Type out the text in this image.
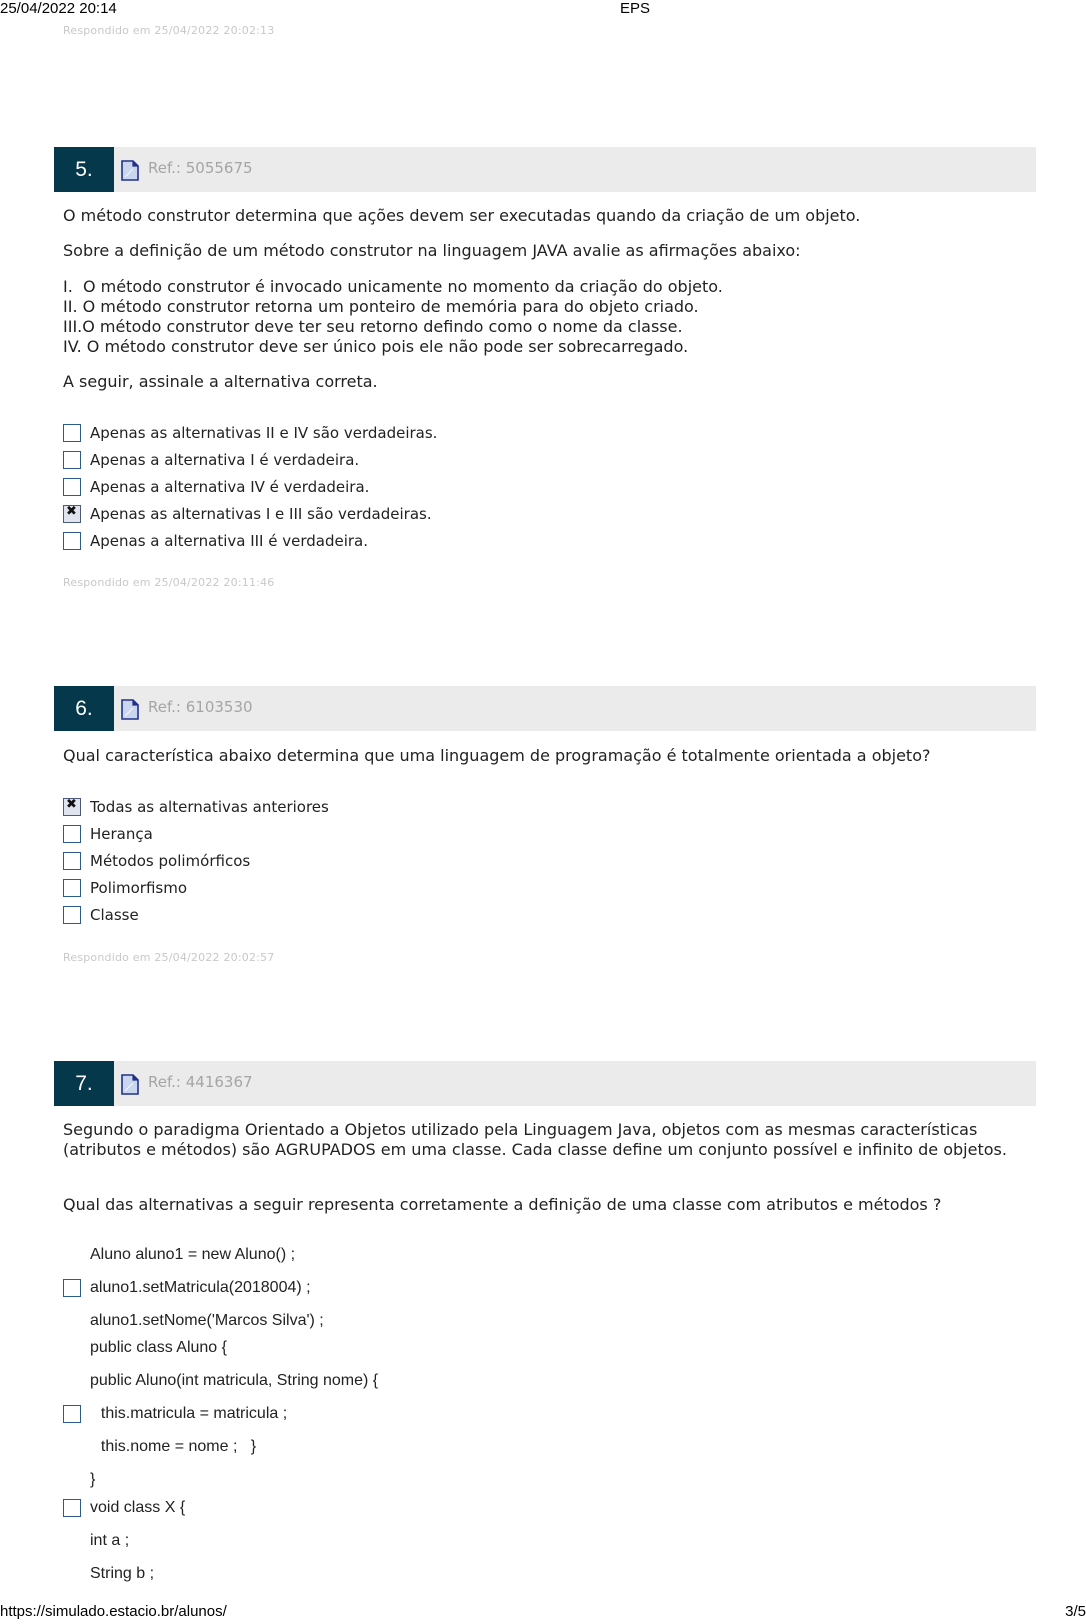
25/04/2022 20:14	EPS
Respondido em 25/04/2022 20:02:13
5.	Ref.: 5055675
O método construtor determina que ações devem ser executadas quando da criação de um objeto.
Sobre a definição de um método construtor na linguagem JAVA avalie as afirmações abaixo:
I.  O método construtor é invocado unicamente no momento da criação do objeto.
II. O método construtor retorna um ponteiro de memória para do objeto criado.
III.O método construtor deve ter seu retorno defindo como o nome da classe.
IV. O método construtor deve ser único pois ele não pode ser sobrecarregado.
A seguir, assinale a alternativa correta.
Apenas as alternativas II e IV são verdadeiras.
Apenas a alternativa I é verdadeira.
Apenas a alternativa IV é verdadeira.
✖
Apenas as alternativas I e III são verdadeiras.
Apenas a alternativa III é verdadeira.
Respondido em 25/04/2022 20:11:46
6.	Ref.: 6103530
Qual característica abaixo determina que uma linguagem de programação é totalmente orientada a objeto?
✖
Todas as alternativas anteriores
Herança
Métodos polimórficos
Polimorfismo
Classe
Respondido em 25/04/2022 20:02:57
7.	Ref.: 4416367
Segundo o paradigma Orientado a Objetos utilizado pela Linguagem Java, objetos com as mesmas características (atributos e métodos) são AGRUPADOS em uma classe. Cada classe define um conjunto possível e infinito de objetos.
Qual das alternativas a seguir representa corretamente a definição de uma classe com atributos e métodos ?
Aluno aluno1 = new Aluno() ;
aluno1.setMatricula(2018004) ;
aluno1.setNome('Marcos Silva') ;
public class Aluno {
public Aluno(int matricula, String nome) {
this.matricula = matricula ;
this.nome = nome ;   }
}
void class X {
int a ;
String b ;
https://simulado.estacio.br/alunos/	3/5
